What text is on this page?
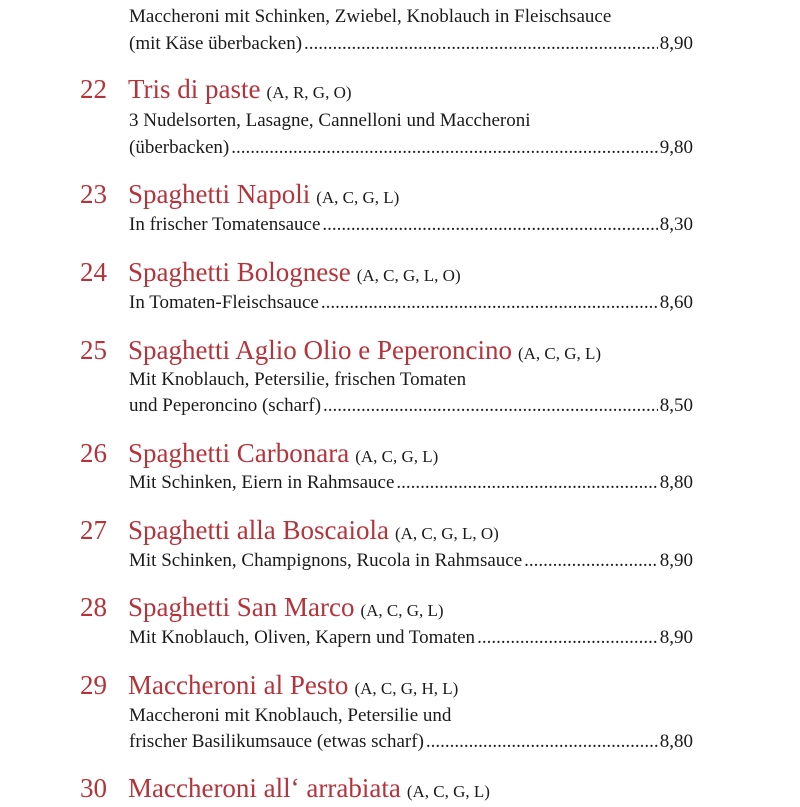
Maccheroni mit Schinken, Zwiebel, Knoblauch in Fleischsauce
(mit Käse überbacken) .....	8,90
22 Tris di paste (A, R, G, O)
3 Nudelsorten, Lasagne, Cannelloni und Maccheroni
(überbacken) .....	9,80
23 Spaghetti Napoli (A, C, G, L)
In frischer Tomatensauce .....	8,30
24 Spaghetti Bolognese (A, C, G, L, O)
In Tomaten-Fleischsauce .....	8,60
25 Spaghetti Aglio Olio e Peperoncino (A, C, G, L)
Mit Knoblauch, Petersilie, frischen Tomaten
und Peperoncino (scharf) .....	8,50
26 Spaghetti Carbonara (A, C, G, L)
Mit Schinken, Eiern in Rahmsauce .....	8,80
27 Spaghetti alla Boscaiola (A, C, G, L, O)
Mit Schinken, Champignons, Rucola in Rahmsauce .....	8,90
28 Spaghetti San Marco (A, C, G, L)
Mit Knoblauch, Oliven, Kapern und Tomaten .....	8,90
29 Maccheroni al Pesto (A, C, G, H, L)
Maccheroni mit Knoblauch, Petersilie und
frischer Basilikumsauce (etwas scharf) .....	8,80
30 Maccheroni all‘ arrabiata (A, C, G, L)
